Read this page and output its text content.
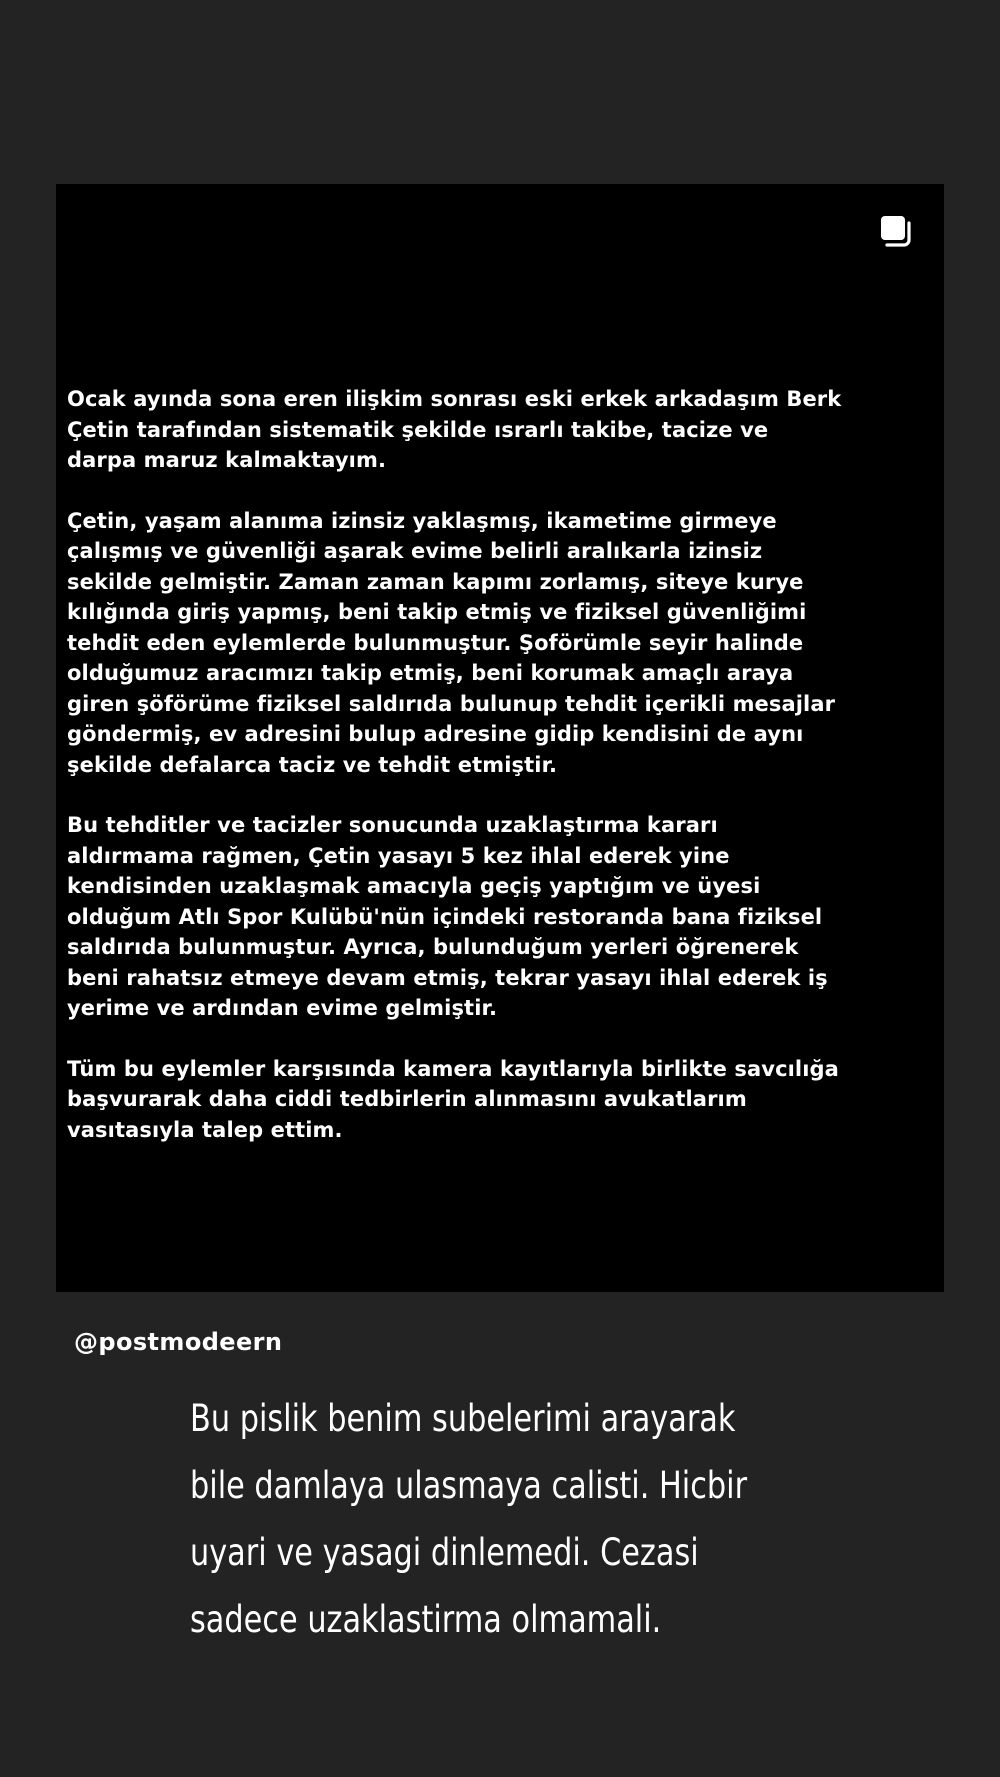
Ocak ayında sona eren ilişkim sonrası eski erkek arkadaşım Berk
Çetin tarafından sistematik şekilde ısrarlı takibe, tacize ve
darpa maruz kalmaktayım.
Çetin, yaşam alanıma izinsiz yaklaşmış, ikametime girmeye
çalışmış ve güvenliği aşarak evime belirli aralıkarla izinsiz
sekilde gelmiştir. Zaman zaman kapımı zorlamış, siteye kurye
kılığında giriş yapmış, beni takip etmiş ve fiziksel güvenliğimi
tehdit eden eylemlerde bulunmuştur. Şoförümle seyir halinde
olduğumuz aracımızı takip etmiş, beni korumak amaçlı araya
giren şöförüme fiziksel saldırıda bulunup tehdit içerikli mesajlar
göndermiş, ev adresini bulup adresine gidip kendisini de aynı
şekilde defalarca taciz ve tehdit etmiştir.
Bu tehditler ve tacizler sonucunda uzaklaştırma kararı
aldırmama rağmen, Çetin yasayı 5 kez ihlal ederek yine
kendisinden uzaklaşmak amacıyla geçiş yaptığım ve üyesi
olduğum Atlı Spor Kulübü'nün içindeki restoranda bana fiziksel
saldırıda bulunmuştur. Ayrıca, bulunduğum yerleri öğrenerek
beni rahatsız etmeye devam etmiş, tekrar yasayı ihlal ederek iş
yerime ve ardından evime gelmiştir.
Tüm bu eylemler karşısında kamera kayıtlarıyla birlikte savcılığa
başvurarak daha ciddi tedbirlerin alınmasını avukatlarım
vasıtasıyla talep ettim.
@postmodeern
Bu pislik benim subelerimi arayarak
bile damlaya ulasmaya calisti. Hicbir
uyari ve yasagi dinlemedi. Cezasi
sadece uzaklastirma olmamali.
